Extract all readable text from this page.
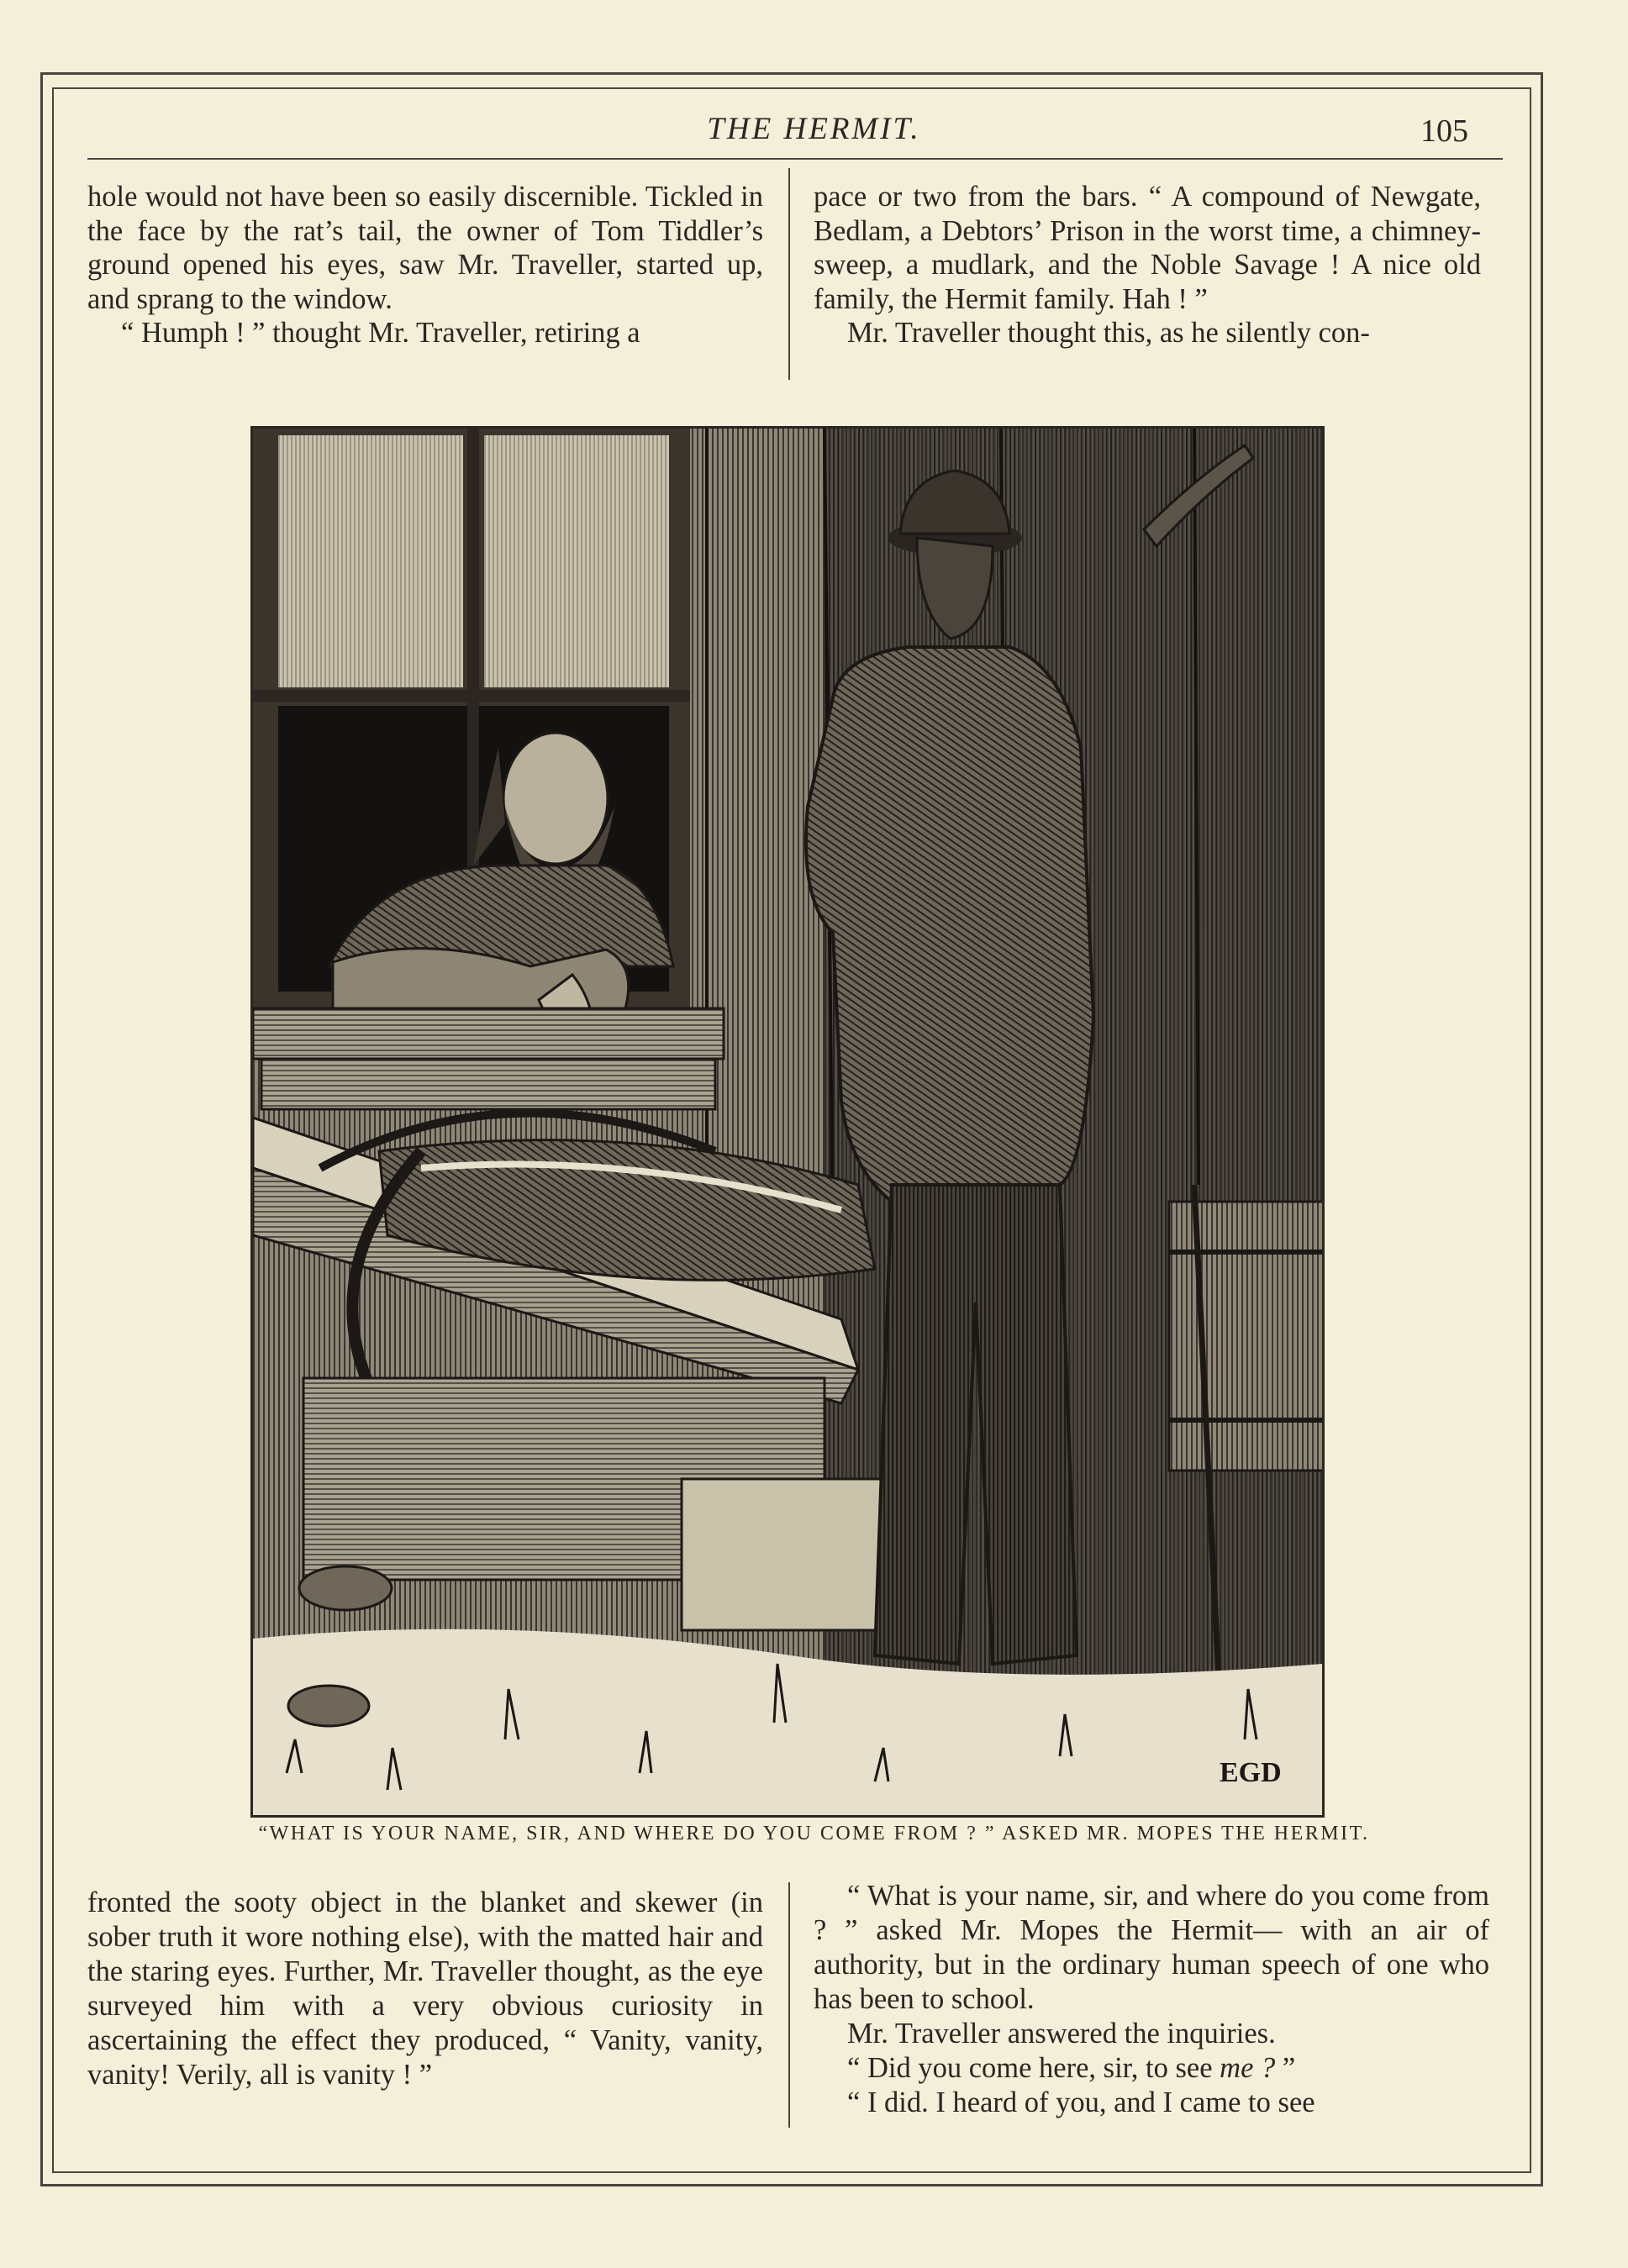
THE HERMIT.	105

hole would not have been so easily discernible. Tickled in the face by the rat’s tail, the owner of Tom Tiddler’s ground opened his eyes, saw Mr. Traveller, started up, and sprang to the window.

“ Humph ! ” thought Mr. Traveller, retiring a

pace or two from the bars. “ A compound of Newgate, Bedlam, a Debtors’ Prison in the worst time, a chimney-sweep, a mudlark, and the Noble Savage ! A nice old family, the Hermit family. Hah ! ”

Mr. Traveller thought this, as he silently con-

EGD
“WHAT IS YOUR NAME, SIR, AND WHERE DO YOU COME FROM ? ” ASKED MR. MOPES THE HERMIT.

fronted the sooty object in the blanket and skewer (in sober truth it wore nothing else), with the matted hair and the staring eyes. Further, Mr. Traveller thought, as the eye surveyed him with a very obvious curiosity in ascertaining the effect they produced, “ Vanity, vanity, vanity! Verily, all is vanity ! ”

“ What is your name, sir, and where do you come from ? ” asked Mr. Mopes the Hermit— with an air of authority, but in the ordinary human speech of one who has been to school.

Mr. Traveller answered the inquiries.

“ Did you come here, sir, to see me ? ”

“ I did. I heard of you, and I came to see
